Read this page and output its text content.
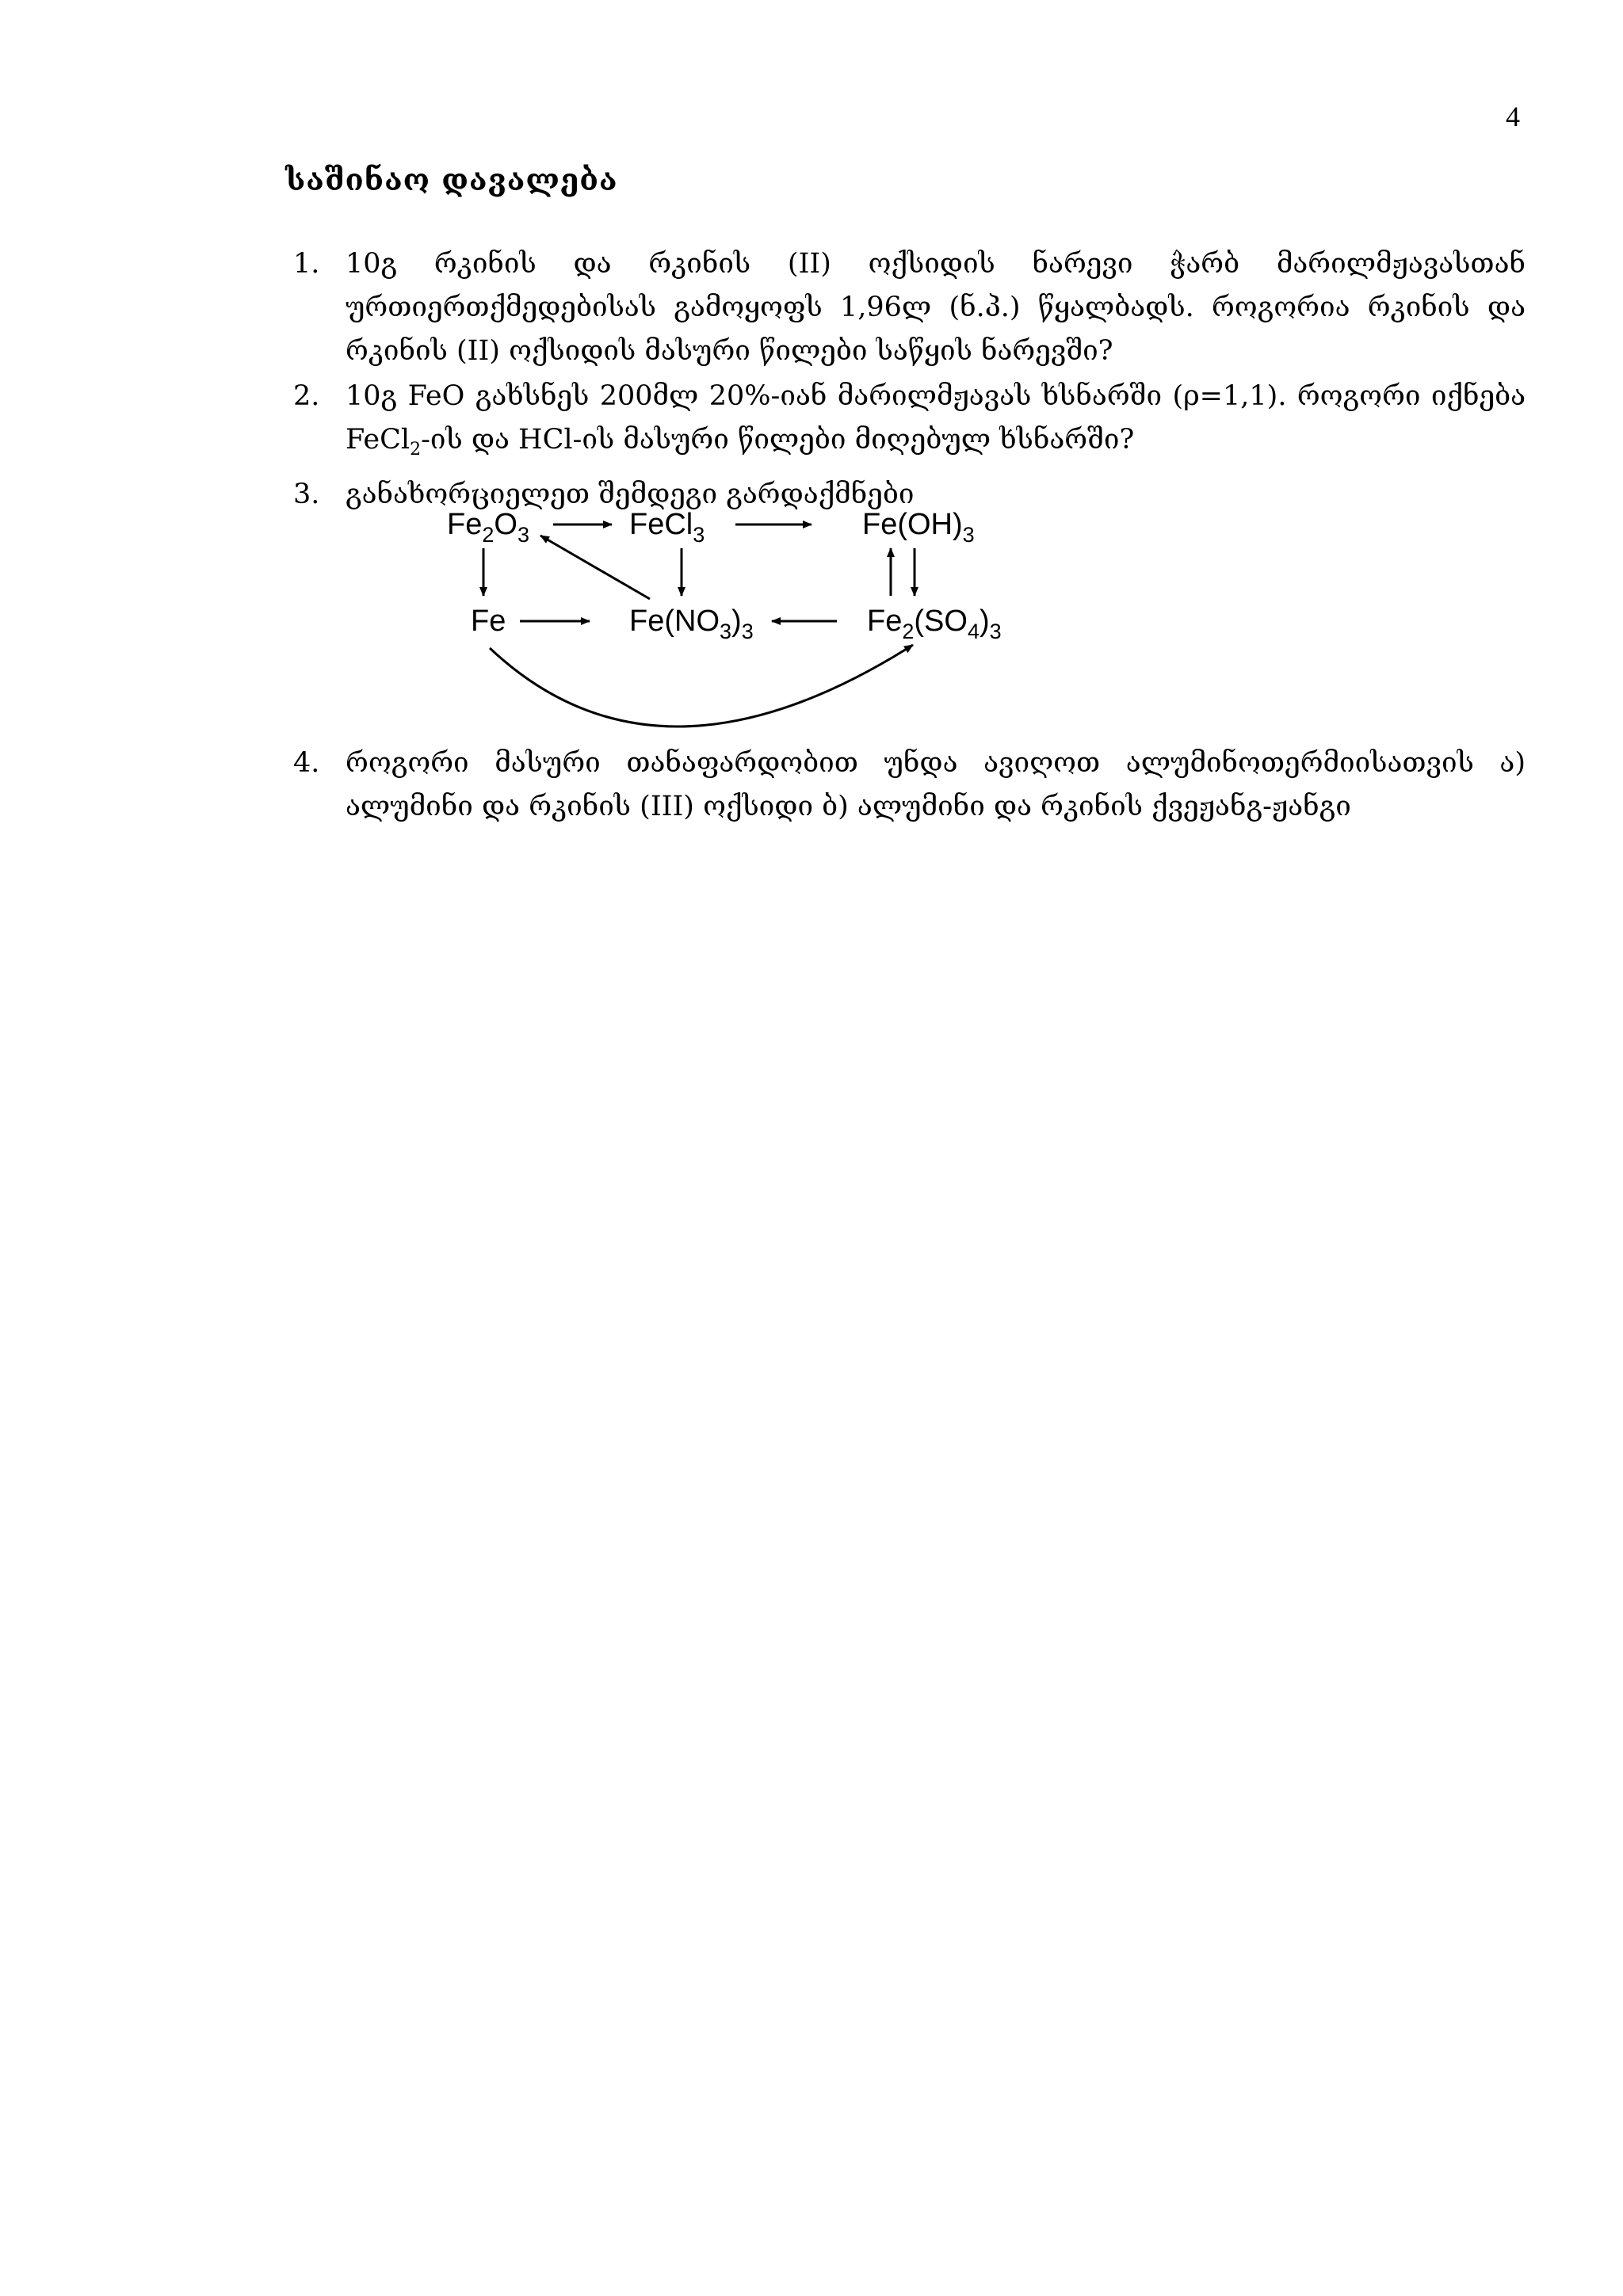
4
საშინაო დავალება
1. 10გ რკინის და რკინის (II) ოქსიდის ნარევი ჭარბ მარილმჟავასთან
ურთიერთქმედებისას გამოყოფს 1,96ლ (ნ.პ.) წყალბადს. როგორია რკინის და რკინის (II) ოქსიდის მასური წილები საწყის ნარევში?
2. 10გ FeO გახსნეს 200მლ 20%-იან მარილმჟავას ხსნარში (ρ=1,1). როგორი იქნება
FeCl$_2$-ის და HCl-ის მასური წილები მიღებულ ხსნარში?
3. განახორციელეთ შემდეგი გარდაქმნები
$Fe_2O_3$	FeCl$_3$	$Fe(OH)_3$
Fe	$Fe(NO_3)_3$	$Fe_2(SO_4)_3$
4. როგორი მასური თანაფარდობით უნდა ავიღოთ ალუმინოთერმიისათვის ა)
ალუმინი და რკინის (III) ოქსიდი ბ) ალუმინი და რკინის ქვეჟანგ-ჟანგი
